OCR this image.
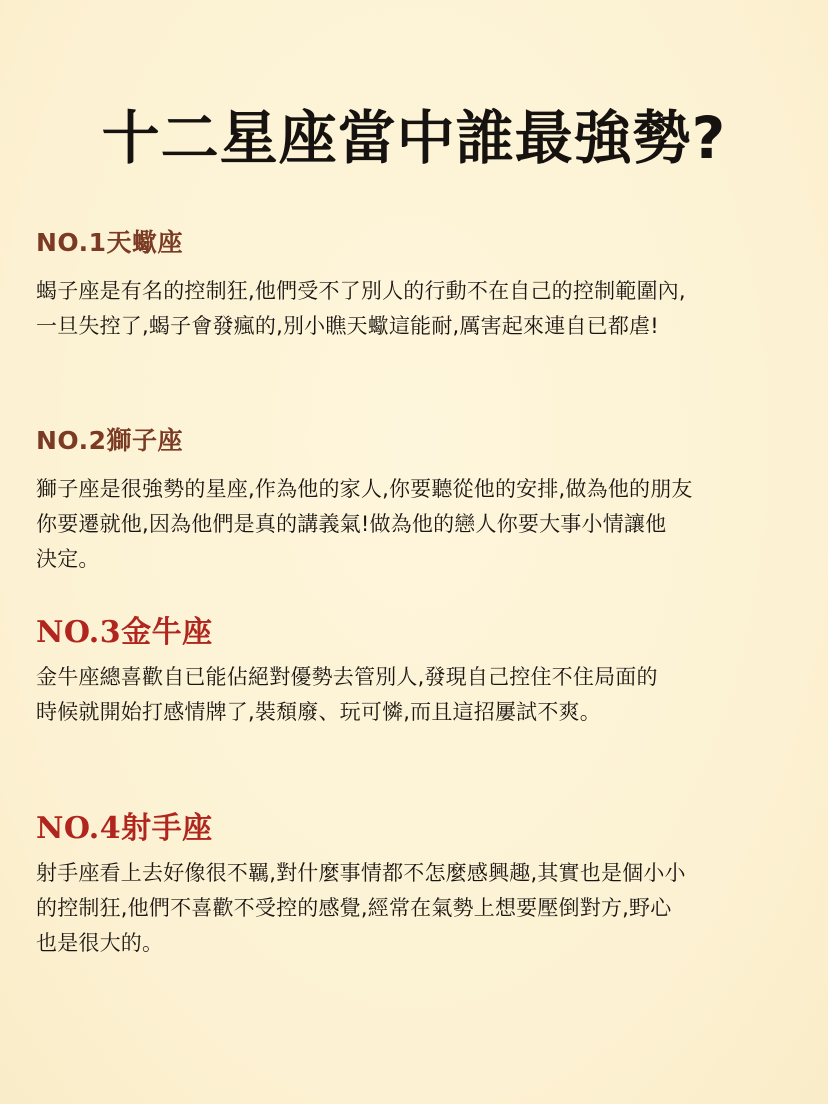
十二星座當中誰最強勢?
NO.1天蠍座

蝎子座是有名的控制狂,他們受不了別人的行動不在自己的控制範圍內,
一旦失控了,蝎子會發瘋的,別小瞧天蠍這能耐,厲害起來連自已都虐!

NO.2獅子座

獅子座是很強勢的星座,作為他的家人,你要聽從他的安排,做為他的朋友
你要遷就他,因為他們是真的講義氣!做為他的戀人你要大事小情讓他
決定。

NO.3金牛座

金牛座總喜歡自已能佔絕對優勢去管別人,發現自己控住不住局面的
時候就開始打感情牌了,裝頹廢、玩可憐,而且這招屢試不爽。

NO.4射手座

射手座看上去好像很不羈,對什麼事情都不怎麼感興趣,其實也是個小小
的控制狂,他們不喜歡不受控的感覺,經常在氣勢上想要壓倒對方,野心
也是很大的。
